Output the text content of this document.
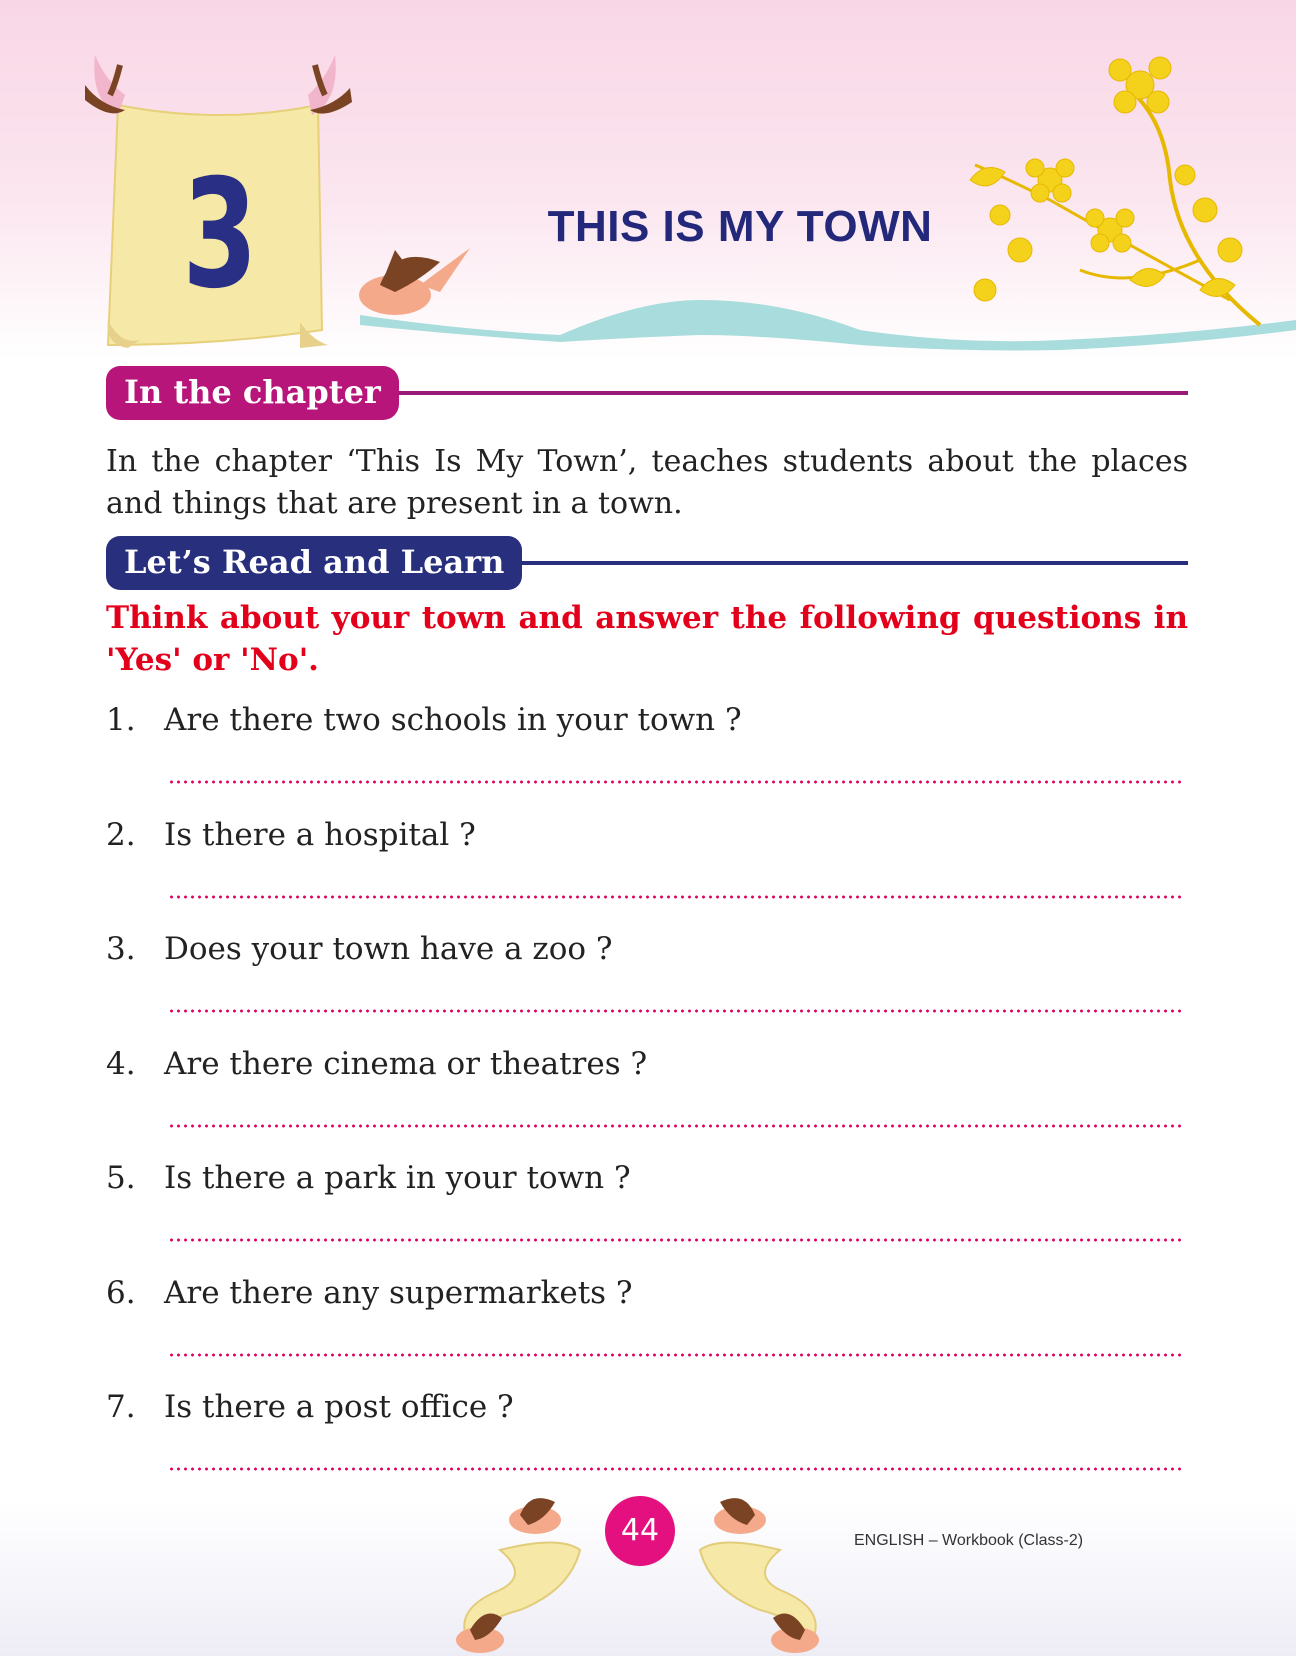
3	THIS IS MY TOWN
In the chapter
In the chapter ‘This Is My Town’, teaches students about the places and things that are present in a town.
Let’s Read and Learn
Think about your town and answer the following questions in 'Yes' or 'No'.
1. Are there two schools in your town ?
2. Is there a hospital ?
3. Does your town have a zoo ?
4. Are there cinema or theatres ?
5. Is there a park in your town ?
6. Are there any supermarkets ?
7. Is there a post office ?
44	ENGLISH – Workbook (Class-2)
